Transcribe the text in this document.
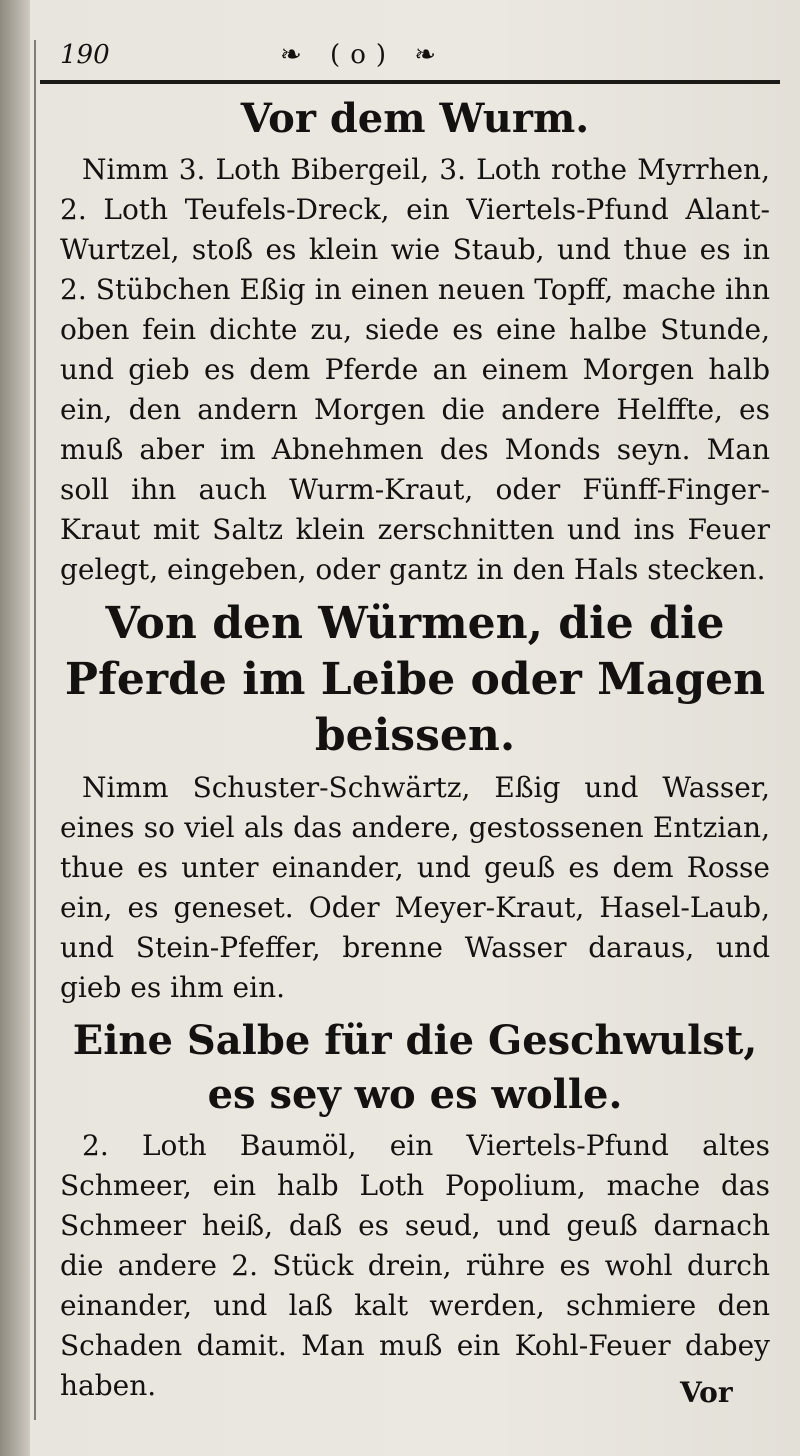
190	❧ (o) ❧
Vor dem Wurm.

Nimm 3. Loth Bibergeil, 3. Loth rothe Myrrhen, 2. Loth Teufels-Dreck, ein Viertels-Pfund Alant-Wurtzel, stoß es klein wie Staub, und thue es in 2. Stübchen Eßig in einen neuen Topff, mache ihn oben fein dichte zu, siede es eine halbe Stunde, und gieb es dem Pferde an einem Morgen halb ein, den andern Morgen die andere Helffte, es muß aber im Abnehmen des Monds seyn. Man soll ihn auch Wurm-Kraut, oder Fünff-Finger-Kraut mit Saltz klein zerschnitten und ins Feuer gelegt, eingeben, oder gantz in den Hals stecken.

Von den Würmen, die die Pferde im Leibe oder Magen beissen.

Nimm Schuster-Schwärtz, Eßig und Wasser, eines so viel als das andere, gestossenen Entzian, thue es unter einander, und geuß es dem Rosse ein, es geneset. Oder Meyer-Kraut, Hasel-Laub, und Stein-Pfeffer, brenne Wasser daraus, und gieb es ihm ein.

Eine Salbe für die Geschwulst, es sey wo es wolle.

2. Loth Baumöl, ein Viertels-Pfund altes Schmeer, ein halb Loth Popolium, mache das Schmeer heiß, daß es seud, und geuß darnach die andere 2. Stück drein, rühre es wohl durch einander, und laß kalt werden, schmiere den Schaden damit. Man muß ein Kohl-Feuer dabey haben.	Vor
